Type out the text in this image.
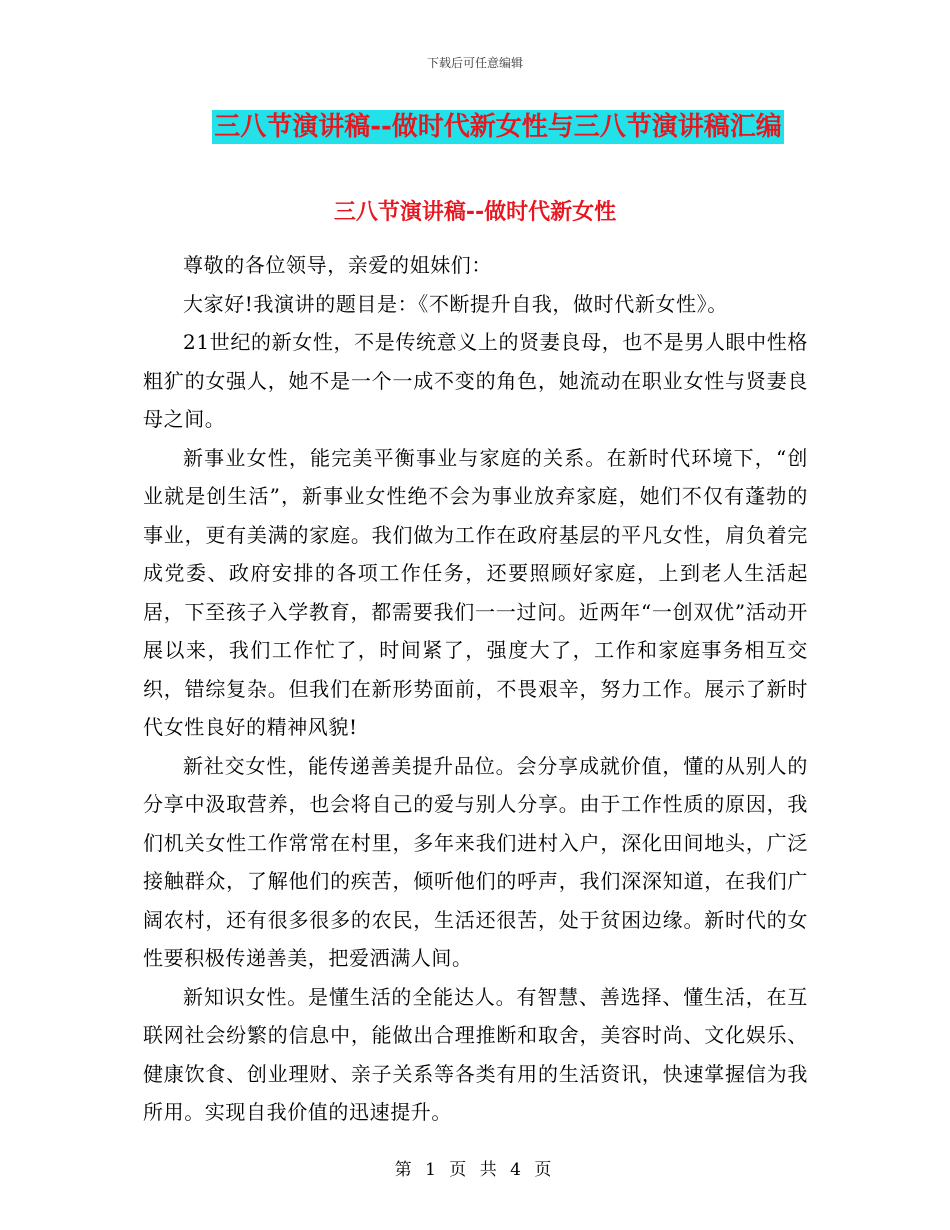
下载后可任意编辑
三八节演讲稿--做时代新女性与三八节演讲稿汇编
三八节演讲稿--做时代新女性

尊敬的各位领导，亲爱的姐妹们：

大家好!我演讲的题目是：《不断提升自我，做时代新女性》。

21世纪的新女性，不是传统意义上的贤妻良母，也不是男人眼中性格粗犷的女强人，她不是一个一成不变的角色，她流动在职业女性与贤妻良母之间。

新事业女性，能完美平衡事业与家庭的关系。在新时代环境下，“创业就是创生活”，新事业女性绝不会为事业放弃家庭，她们不仅有蓬勃的事业，更有美满的家庭。我们做为工作在政府基层的平凡女性，肩负着完成党委、政府安排的各项工作任务，还要照顾好家庭，上到老人生活起居，下至孩子入学教育，都需要我们一一过问。近两年“一创双优”活动开展以来，我们工作忙了，时间紧了，强度大了，工作和家庭事务相互交织，错综复杂。但我们在新形势面前，不畏艰辛，努力工作。展示了新时代女性良好的精神风貌!

新社交女性，能传递善美提升品位。会分享成就价值，懂的从别人的分享中汲取营养，也会将自己的爱与别人分享。由于工作性质的原因，我们机关女性工作常常在村里，多年来我们进村入户，深化田间地头，广泛接触群众，了解他们的疾苦，倾听他们的呼声，我们深深知道，在我们广阔农村，还有很多很多的农民，生活还很苦，处于贫困边缘。新时代的女性要积极传递善美，把爱洒满人间。

新知识女性。是懂生活的全能达人。有智慧、善选择、懂生活，在互联网社会纷繁的信息中，能做出合理推断和取舍，美容时尚、文化娱乐、健康饮食、创业理财、亲子关系等各类有用的生活资讯，快速掌握信为我所用。实现自我价值的迅速提升。

第 1 页 共 4 页
